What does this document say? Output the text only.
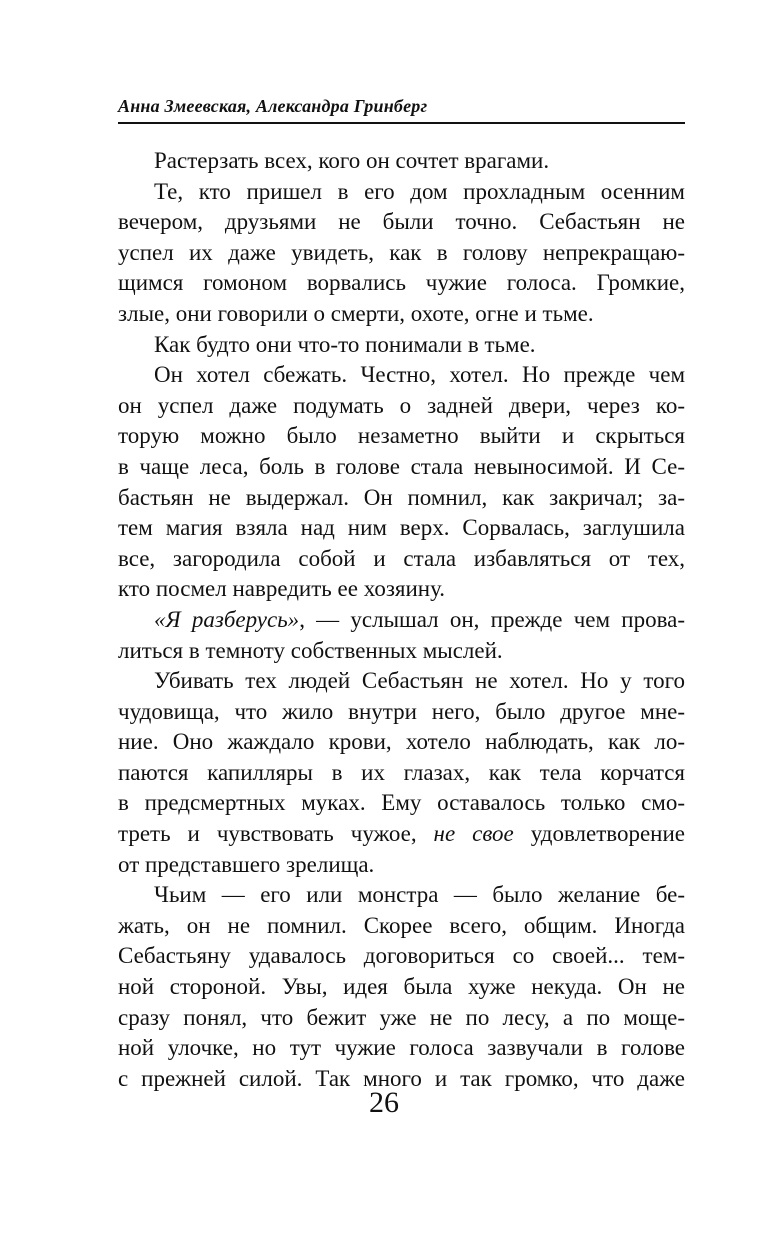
Анна Змеевская, Александра Гринберг
Растерзать всех, кого он сочтет врагами.
Те, кто пришел в его дом прохладным осенним
вечером, друзьями не были точно. Себастьян не
успел их даже увидеть, как в голову непрекращаю-
щимся гомоном ворвались чужие голоса. Громкие,
злые, они говорили о смерти, охоте, огне и тьме.
Как будто они что-то понимали в тьме.
Он хотел сбежать. Честно, хотел. Но прежде чем
он успел даже подумать о задней двери, через ко-
торую можно было незаметно выйти и скрыться
в чаще леса, боль в голове стала невыносимой. И Се-
бастьян не выдержал. Он помнил, как закричал; за-
тем магия взяла над ним верх. Сорвалась, заглушила
все, загородила собой и стала избавляться от тех,
кто посмел навредить ее хозяину.
«Я разберусь», — услышал он, прежде чем прова-
литься в темноту собственных мыслей.
Убивать тех людей Себастьян не хотел. Но у того
чудовища, что жило внутри него, было другое мне-
ние. Оно жаждало крови, хотело наблюдать, как ло-
паются капилляры в их глазах, как тела корчатся
в предсмертных муках. Ему оставалось только смо-
треть и чувствовать чужое, не свое удовлетворение
от представшего зрелища.
Чьим — его или монстра — было желание бе-
жать, он не помнил. Скорее всего, общим. Иногда
Себастьяну удавалось договориться со своей... тем-
ной стороной. Увы, идея была хуже некуда. Он не
сразу понял, что бежит уже не по лесу, а по моще-
ной улочке, но тут чужие голоса зазвучали в голове
с прежней силой. Так много и так громко, что даже
26
